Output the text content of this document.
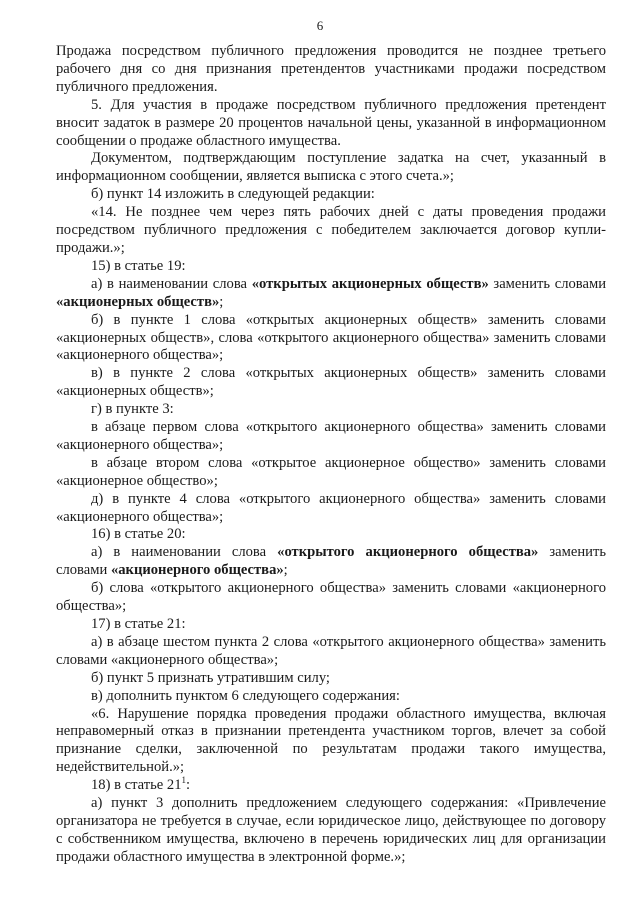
6

Продажа посредством публичного предложения проводится не позднее третьего рабочего дня со дня признания претендентов участниками продажи посредством публичного предложения.

5. Для участия в продаже посредством публичного предложения претендент вносит задаток в размере 20 процентов начальной цены, указанной в информационном сообщении о продаже областного имущества.

Документом, подтверждающим поступление задатка на счет, указанный в информационном сообщении, является выписка с этого счета.»;

б) пункт 14 изложить в следующей редакции:

«14. Не позднее чем через пять рабочих дней с даты проведения продажи посредством публичного предложения с победителем заключается договор купли-продажи.»;

15) в статье 19:

а) в наименовании слова «открытых акционерных обществ» заменить словами «акционерных обществ»;

б) в пункте 1 слова «открытых акционерных обществ» заменить словами «акционерных обществ», слова «открытого акционерного общества» заменить словами «акционерного общества»;

в) в пункте 2 слова «открытых акционерных обществ» заменить словами «акционерных обществ»;

г) в пункте 3:

в абзаце первом слова «открытого акционерного общества» заменить словами «акционерного общества»;

в абзаце втором слова «открытое акционерное общество» заменить словами «акционерное общество»;

д) в пункте 4 слова «открытого акционерного общества» заменить словами «акционерного общества»;

16) в статье 20:

а) в наименовании слова «открытого акционерного общества» заменить словами «акционерного общества»;

б) слова «открытого акционерного общества» заменить словами «акционерного общества»;

17) в статье 21:

а) в абзаце шестом пункта 2 слова «открытого акционерного общества» заменить словами «акционерного общества»;

б) пункт 5 признать утратившим силу;

в) дополнить пунктом 6 следующего содержания:

«6. Нарушение порядка проведения продажи областного имущества, включая неправомерный отказ в признании претендента участником торгов, влечет за собой признание сделки, заключенной по результатам продажи такого имущества, недействительной.»;

18) в статье $21^1$:

а) пункт 3 дополнить предложением следующего содержания: «Привлечение организатора не требуется в случае, если юридическое лицо, действующее по договору с собственником имущества, включено в перечень юридических лиц для организации продажи областного имущества в электронной форме.»;
